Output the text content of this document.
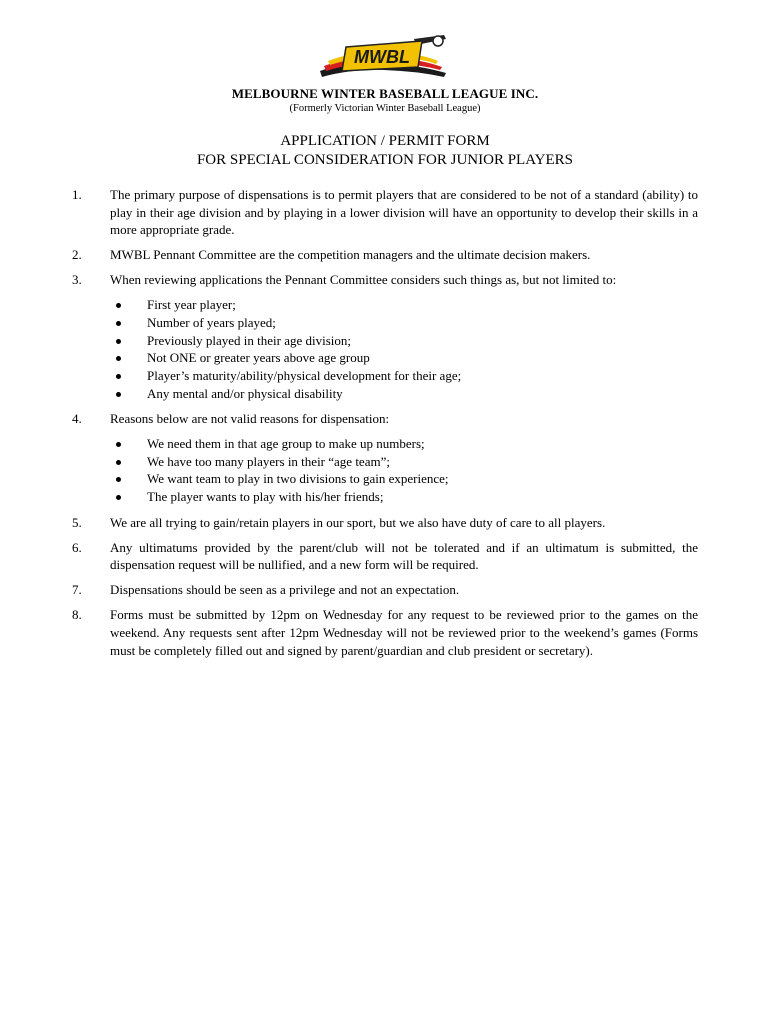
MWBL
MELBOURNE WINTER BASEBALL LEAGUE INC.
(Formerly Victorian Winter Baseball League)
APPLICATION / PERMIT FORM
FOR SPECIAL CONSIDERATION FOR JUNIOR PLAYERS
1. The primary purpose of dispensations is to permit players that are considered to be not of a standard (ability) to play in their age division and by playing in a lower division will have an opportunity to develop their skills in a more appropriate grade.
2. MWBL Pennant Committee are the competition managers and the ultimate decision makers.
3. When reviewing applications the Pennant Committee considers such things as, but not limited to:
First year player;
Number of years played;
Previously played in their age division;
Not ONE or greater years above age group
Player’s maturity/ability/physical development for their age;
Any mental and/or physical disability
4. Reasons below are not valid reasons for dispensation:
We need them in that age group to make up numbers;
We have too many players in their “age team”;
We want team to play in two divisions to gain experience;
The player wants to play with his/her friends;
5. We are all trying to gain/retain players in our sport, but we also have duty of care to all players.
6. Any ultimatums provided by the parent/club will not be tolerated and if an ultimatum is submitted, the dispensation request will be nullified, and a new form will be required.
7. Dispensations should be seen as a privilege and not an expectation.
8. Forms must be submitted by 12pm on Wednesday for any request to be reviewed prior to the games on the weekend. Any requests sent after 12pm Wednesday will not be reviewed prior to the weekend’s games (Forms must be completely filled out and signed by parent/guardian and club president or secretary).
